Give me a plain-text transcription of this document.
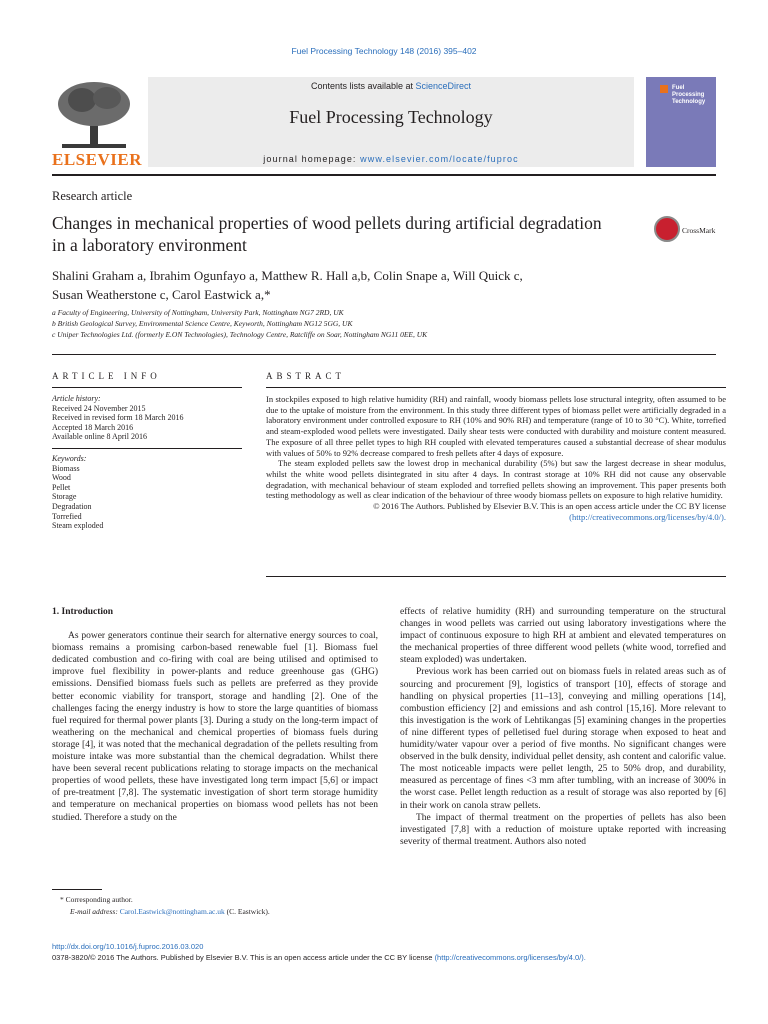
Fuel Processing Technology 148 (2016) 395–402
ELSEVIER
Contents lists available at ScienceDirect
Fuel Processing Technology
journal homepage: www.elsevier.com/locate/fuproc
Fuel Processing Technology
Research article
Changes in mechanical properties of wood pellets during artificial degradation in a laboratory environment
CrossMark
Shalini Graham a, Ibrahim Ogunfayo a, Matthew R. Hall a,b, Colin Snape a, Will Quick c,
Susan Weatherstone c, Carol Eastwick a,*
a Faculty of Engineering, University of Nottingham, University Park, Nottingham NG7 2RD, UK
b British Geological Survey, Environmental Science Centre, Keyworth, Nottingham NG12 5GG, UK
c Uniper Technologies Ltd. (formerly E.ON Technologies), Technology Centre, Ratcliffe on Soar, Nottingham NG11 0EE, UK
ARTICLE INFO	ABSTRACT
Article history:
Received 24 November 2015
Received in revised form 18 March 2016
Accepted 18 March 2016
Available online 8 April 2016
Keywords:
Biomass
Wood
Pellet
Storage
Degradation
Torrefied
Steam exploded

In stockpiles exposed to high relative humidity (RH) and rainfall, woody biomass pellets lose structural integrity, often assumed to be due to the uptake of moisture from the environment. In this study three different types of biomass pellet were artificially degraded in a laboratory environment under controlled exposure to RH (10% and 90% RH) and temperature (range of 10 to 30 °C). White, torrefied and steam-exploded wood pellets were investigated. Daily shear tests were conducted with durability and moisture content measured. The exposure of all three pellet types to high RH coupled with elevated temperatures caused a substantial decrease of shear modulus with values of 50% to 92% decrease compared to fresh pellets after 4 days of exposure.

The steam exploded pellets saw the lowest drop in mechanical durability (5%) but saw the largest decrease in shear modulus, whilst the white wood pellets disintegrated in situ after 4 days. In contrast storage at 10% RH did not cause any observable degradation, with mechanical behaviour of steam exploded and torrefied pellets showing an improvement. This paper presents both testing methodology as well as clear indication of the behaviour of three woody biomass pellets on exposure to high relative humidity.

© 2016 The Authors. Published by Elsevier B.V. This is an open access article under the CC BY license
(http://creativecommons.org/licenses/by/4.0/).

1. Introduction

As power generators continue their search for alternative energy sources to coal, biomass remains a promising carbon-based renewable fuel [1]. Biomass fuel dedicated combustion and co-firing with coal are being utilised and optimised to improve fuel flexibility in power-plants and reduce greenhouse gas (GHG) emissions. Densified biomass fuels such as pellets are preferred as they provide better economic viability for transport, storage and handling [2]. One of the challenges facing the energy industry is how to store the large quantities of biomass fuel required for thermal power plants [3]. During a study on the long-term impact of weathering on the mechanical and chemical properties of biomass fuels during storage [4], it was noted that the mechanical degradation of the pellets resulting from moisture intake was more substantial than the chemical degradation. Whilst there have been several recent publications relating to storage impacts on the mechanical properties of wood pellets, these have investigated long term impact [5,6] or impact of pre-treatment [7,8]. The systematic investigation of short term storage humidity and temperature on mechanical properties on biomass wood pellets has not been studied. Therefore a study on the

effects of relative humidity (RH) and surrounding temperature on the structural changes in wood pellets was carried out using laboratory investigations where the impact of continuous exposure to high RH at ambient and elevated temperatures on the mechanical properties of three different wood pellets (white wood, torrefied and steam exploded) was undertaken.

Previous work has been carried out on biomass fuels in related areas such as of sourcing and procurement [9], logistics of transport [10], effects of storage and handling on physical properties [11–13], conveying and milling operations [14], combustion efficiency [2] and emissions and ash control [15,16]. More relevant to this investigation is the work of Lehtikangas [5] examining changes in the properties of nine different types of pelletised fuel during storage when exposed to heat and humidity/water vapour over a period of five months. No significant changes were observed in the bulk density, individual pellet density, ash content and calorific value. The most noticeable impacts were pellet length, 25 to 50% drop, and durability, measured as percentage of fines <3 mm after tumbling, with an increase of 300% in the worst case. Pellet length reduction as a result of storage was also reported by [6] in their work on canola straw pellets.

The impact of thermal treatment on the properties of pellets has also been investigated [7,8] with a reduction of moisture uptake reported with increasing severity of thermal treatment. Authors also noted

* Corresponding author.
E-mail address: Carol.Eastwick@nottingham.ac.uk (C. Eastwick).
http://dx.doi.org/10.1016/j.fuproc.2016.03.020
0378-3820/© 2016 The Authors. Published by Elsevier B.V. This is an open access article under the CC BY license (http://creativecommons.org/licenses/by/4.0/).
